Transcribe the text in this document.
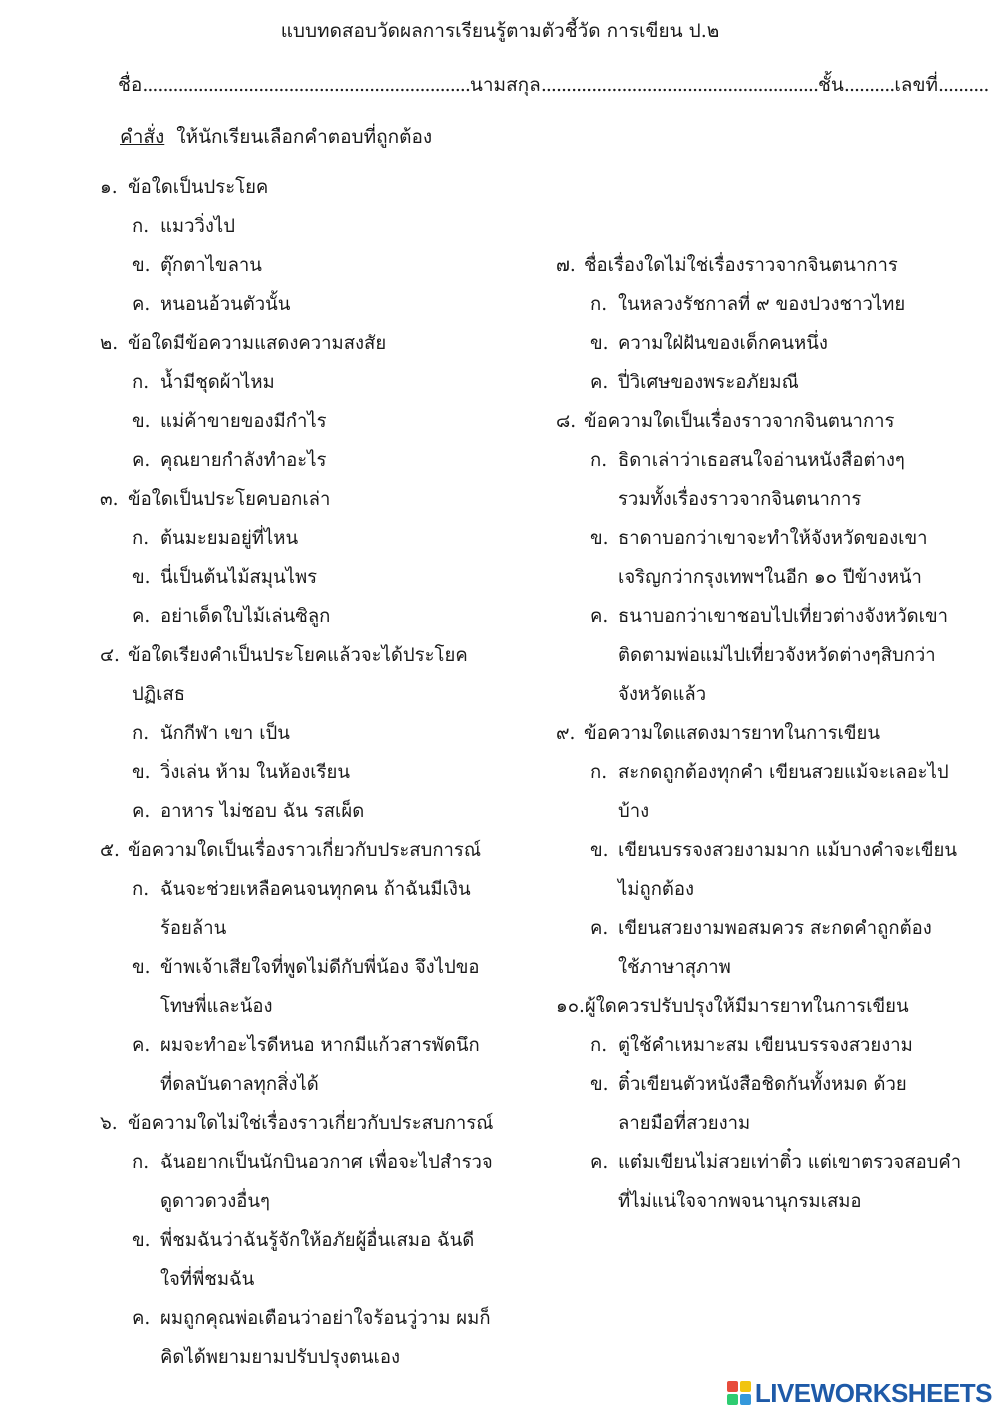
แบบทดสอบวัดผลการเรียนรู้ตามตัวชี้วัด การเขียน ป.๒
ชื่อ.................................................................นามสกุล.......................................................ชั้น..........เลขที่..........
คำสั่ง ให้นักเรียนเลือกคำตอบที่ถูกต้อง
๑. ข้อใดเป็นประโยค
ก. แมววิ่งไป
ข. ตุ๊กตาไขลาน
ค. หนอนอ้วนตัวนั้น
๒. ข้อใดมีข้อความแสดงความสงสัย
ก. น้ำมีชุดผ้าไหม
ข. แม่ค้าขายของมีกำไร
ค. คุณยายกำลังทำอะไร
๓. ข้อใดเป็นประโยคบอกเล่า
ก. ต้นมะยมอยู่ที่ไหน
ข. นี่เป็นต้นไม้สมุนไพร
ค. อย่าเด็ดใบไม้เล่นซิลูก
๔. ข้อใดเรียงคำเป็นประโยคแล้วจะได้ประโยค
ปฏิเสธ
ก. นักกีฬา เขา เป็น
ข. วิ่งเล่น ห้าม ในห้องเรียน
ค. อาหาร ไม่ชอบ ฉัน รสเผ็ด
๕. ข้อความใดเป็นเรื่องราวเกี่ยวกับประสบการณ์
ก. ฉันจะช่วยเหลือคนจนทุกคน ถ้าฉันมีเงิน
ร้อยล้าน
ข. ข้าพเจ้าเสียใจที่พูดไม่ดีกับพี่น้อง จึงไปขอ
โทษพี่และน้อง
ค. ผมจะทำอะไรดีหนอ หากมีแก้วสารพัดนึก
ที่ดลบันดาลทุกสิ่งได้
๖. ข้อความใดไม่ใช่เรื่องราวเกี่ยวกับประสบการณ์
ก. ฉันอยากเป็นนักบินอวกาศ เพื่อจะไปสำรวจ
ดูดาวดวงอื่นๆ
ข. พี่ชมฉันว่าฉันรู้จักให้อภัยผู้อื่นเสมอ ฉันดี
ใจที่พี่ชมฉัน
ค. ผมถูกคุณพ่อเตือนว่าอย่าใจร้อนวู่วาม ผมก็
คิดได้พยามยามปรับปรุงตนเอง
๗. ชื่อเรื่องใดไม่ใช่เรื่องราวจากจินตนาการ
ก. ในหลวงรัชกาลที่ ๙ ของปวงชาวไทย
ข. ความใฝ่ฝันของเด็กคนหนึ่ง
ค. ปี่วิเศษของพระอภัยมณี
๘. ข้อความใดเป็นเรื่องราวจากจินตนาการ
ก. ธิดาเล่าว่าเธอสนใจอ่านหนังสือต่างๆ
รวมทั้งเรื่องราวจากจินตนาการ
ข. ธาดาบอกว่าเขาจะทำให้จังหวัดของเขา
เจริญกว่ากรุงเทพฯในอีก ๑๐ ปีข้างหน้า
ค. ธนาบอกว่าเขาชอบไปเที่ยวต่างจังหวัดเขา
ติดตามพ่อแม่ไปเที่ยวจังหวัดต่างๆสิบกว่า
จังหวัดแล้ว
๙. ข้อความใดแสดงมารยาทในการเขียน
ก. สะกดถูกต้องทุกคำ เขียนสวยแม้จะเลอะไป
บ้าง
ข. เขียนบรรจงสวยงามมาก แม้บางคำจะเขียน
ไม่ถูกต้อง
ค. เขียนสวยงามพอสมควร สะกดคำถูกต้อง
ใช้ภาษาสุภาพ
๑๐.ผู้ใดควรปรับปรุงให้มีมารยาทในการเขียน
ก. ตู่ใช้คำเหมาะสม เขียนบรรจงสวยงาม
ข. ติ๋วเขียนตัวหนังสือชิดกันทั้งหมด ด้วย
ลายมือที่สวยงาม
ค. แต๋มเขียนไม่สวยเท่าติ๋ว แต่เขาตรวจสอบคำ
ที่ไม่แน่ใจจากพจนานุกรมเสมอ
LIVEWORKSHEETS
